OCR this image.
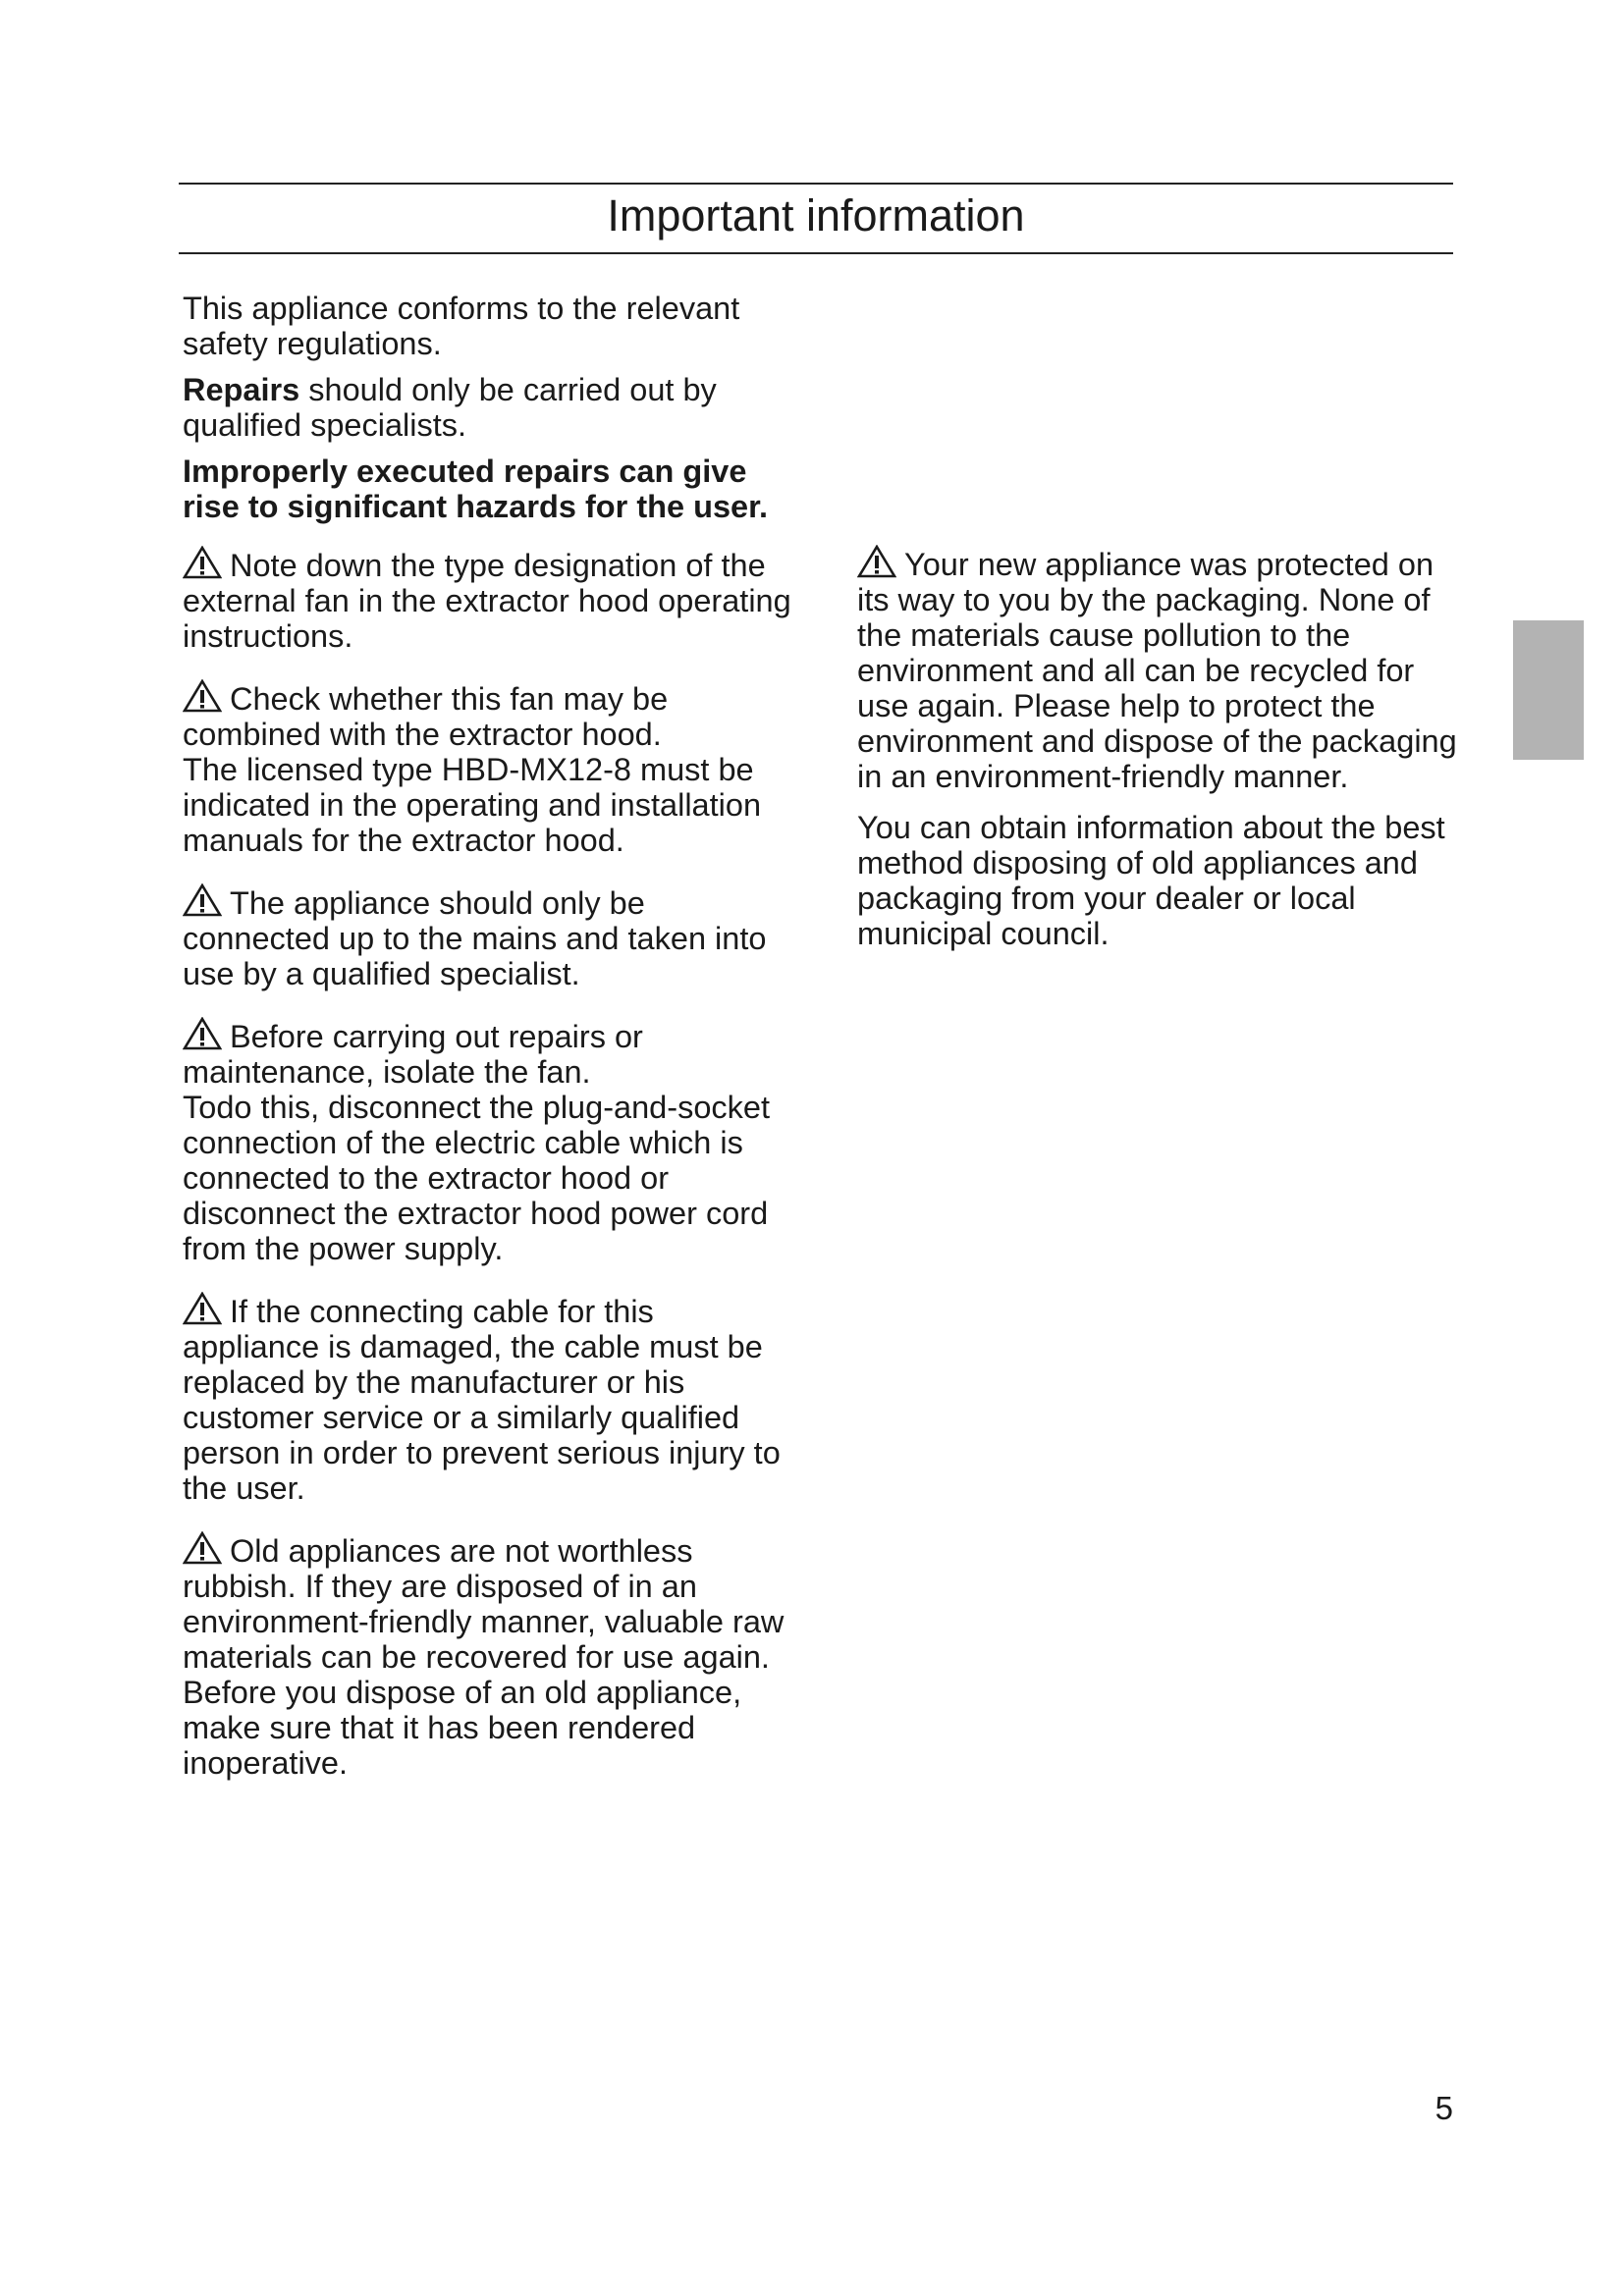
Important information

This appliance conforms to the relevant safety regulations.

Repairs should only be carried out by qualified specialists.

Improperly executed repairs can give rise to significant hazards for the user.

Note down the type designation of the external fan in the extractor hood operating instructions.

Check whether this fan may be combined with the extractor hood.

The licensed type HBD-MX12-8 must be indicated in the operating and installation manuals for the extractor hood.

The appliance should only be connected up to the mains and taken into use by a qualified specialist.

Before carrying out repairs or maintenance, isolate the fan.

Todo this, disconnect the plug-and-socket connection of the electric cable which is connected to the extractor hood or disconnect the extractor hood power cord from the power supply.

If the connecting cable for this appliance is damaged, the cable must be replaced by the manufacturer or his customer service or a similarly qualified person in order to prevent serious injury to the user.

Old appliances are not worthless rubbish. If they are disposed of in an environment-friendly manner, valuable raw materials can be recovered for use again. Before you dispose of an old appliance, make sure that it has been rendered inoperative.

Your new appliance was protected on its way to you by the packaging. None of the materials cause pollution to the environment and all can be recycled for use again. Please help to protect the environment and dispose of the packaging in an environment-friendly manner.

You can obtain information about the best method disposing of old appliances and packaging from your dealer or local municipal council.

5
